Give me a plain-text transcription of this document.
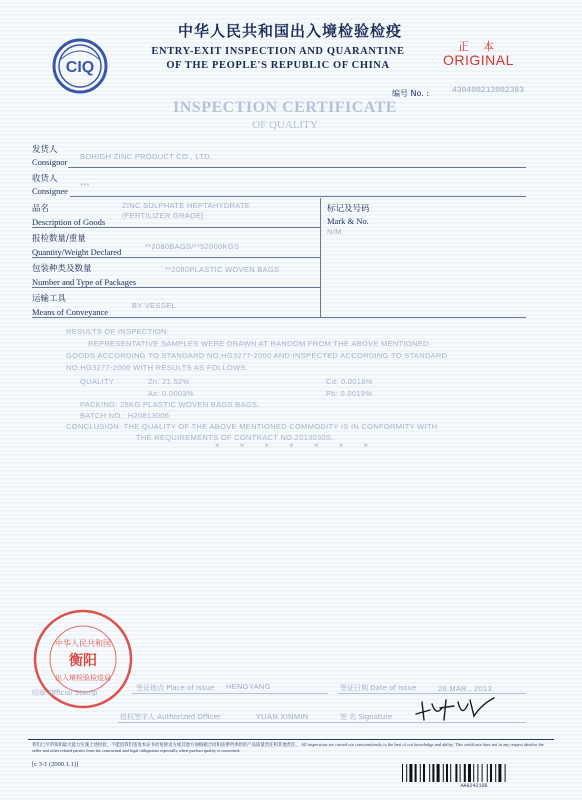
CIQ
中华人民共和国出入境检验检疫
ENTRY-EXIT INSPECTION AND QUARANTINE
OF THE PEOPLE'S REPUBLIC OF CHINA
正本
ORIGINAL
编号 No. :	430400213002383
INSPECTION CERTIFICATE
OF QUALITY
发货人
Consignor
BOHIGH ZINC PRODUCT CO., LTD.
收货人
Consignee
***
品名
Description of Goods
ZINC SULPHATE HEPTAHYDRATE
(FERTILIZER GRADE)
标记及号码
Mark & No.
N/M
报检数量/重量
Quantity/Weight Declared
**2080BAGS/**52000KGS
包装种类及数量
Number and Type of Packages
**2080PLASTIC WOVEN BAGS
运输工具
Means of Conveyance
BY VESSEL
RESULTS OF INSPECTION:
REPRESENTATIVE SAMPLES WERE DRAWN AT RANDOM FROM THE ABOVE MENTIONED
GOODS ACCORDING TO STANDARD NO.HG3277-2000 AND INSPECTED ACCORDING TO STANDARD
NO.HG3277-2000 WITH RESULTS AS FOLLOWS.
QUALITY	Zn: 21.52%	Cd: 0.0018%
As: 0.0003%	Pb: 0.0019%
PACKING: 25KG PLASTIC WOVEN BAGS BAGS.
BATCH NO.: H20813006
CONCLUSION: THE QUALITY OF THE ABOVE MENTIONED COMMODITY IS IN CONFORMITY WITH
THE REQUIREMENTS OF CONTRACT NO.2013030S.
* * * * * * *
中华人民共和国
衡阳
出入境检验检疫局
印章 Official Stamp
签证地点 Place of Issue HENGYANG	签证日期 Date of Issue	26.MAR., 2013
授权签字人 Authorized Officer	YUAN XINMIN	签 名 Signature
我们已尽所知和最大能力实施上述检验，不能因我们签发本证书而免除卖方或其他方面根据合同和法律所承担的产品质量责任和其他责任。 All inspections are carried out conscientiously to the best of our knowledge and ability. This certificate does not in any respect absolve the seller and other related parties from his contractual and legal obligations especially when product quality is concerned.
[c 3-1 (2000.1.1)]
AA0242108
